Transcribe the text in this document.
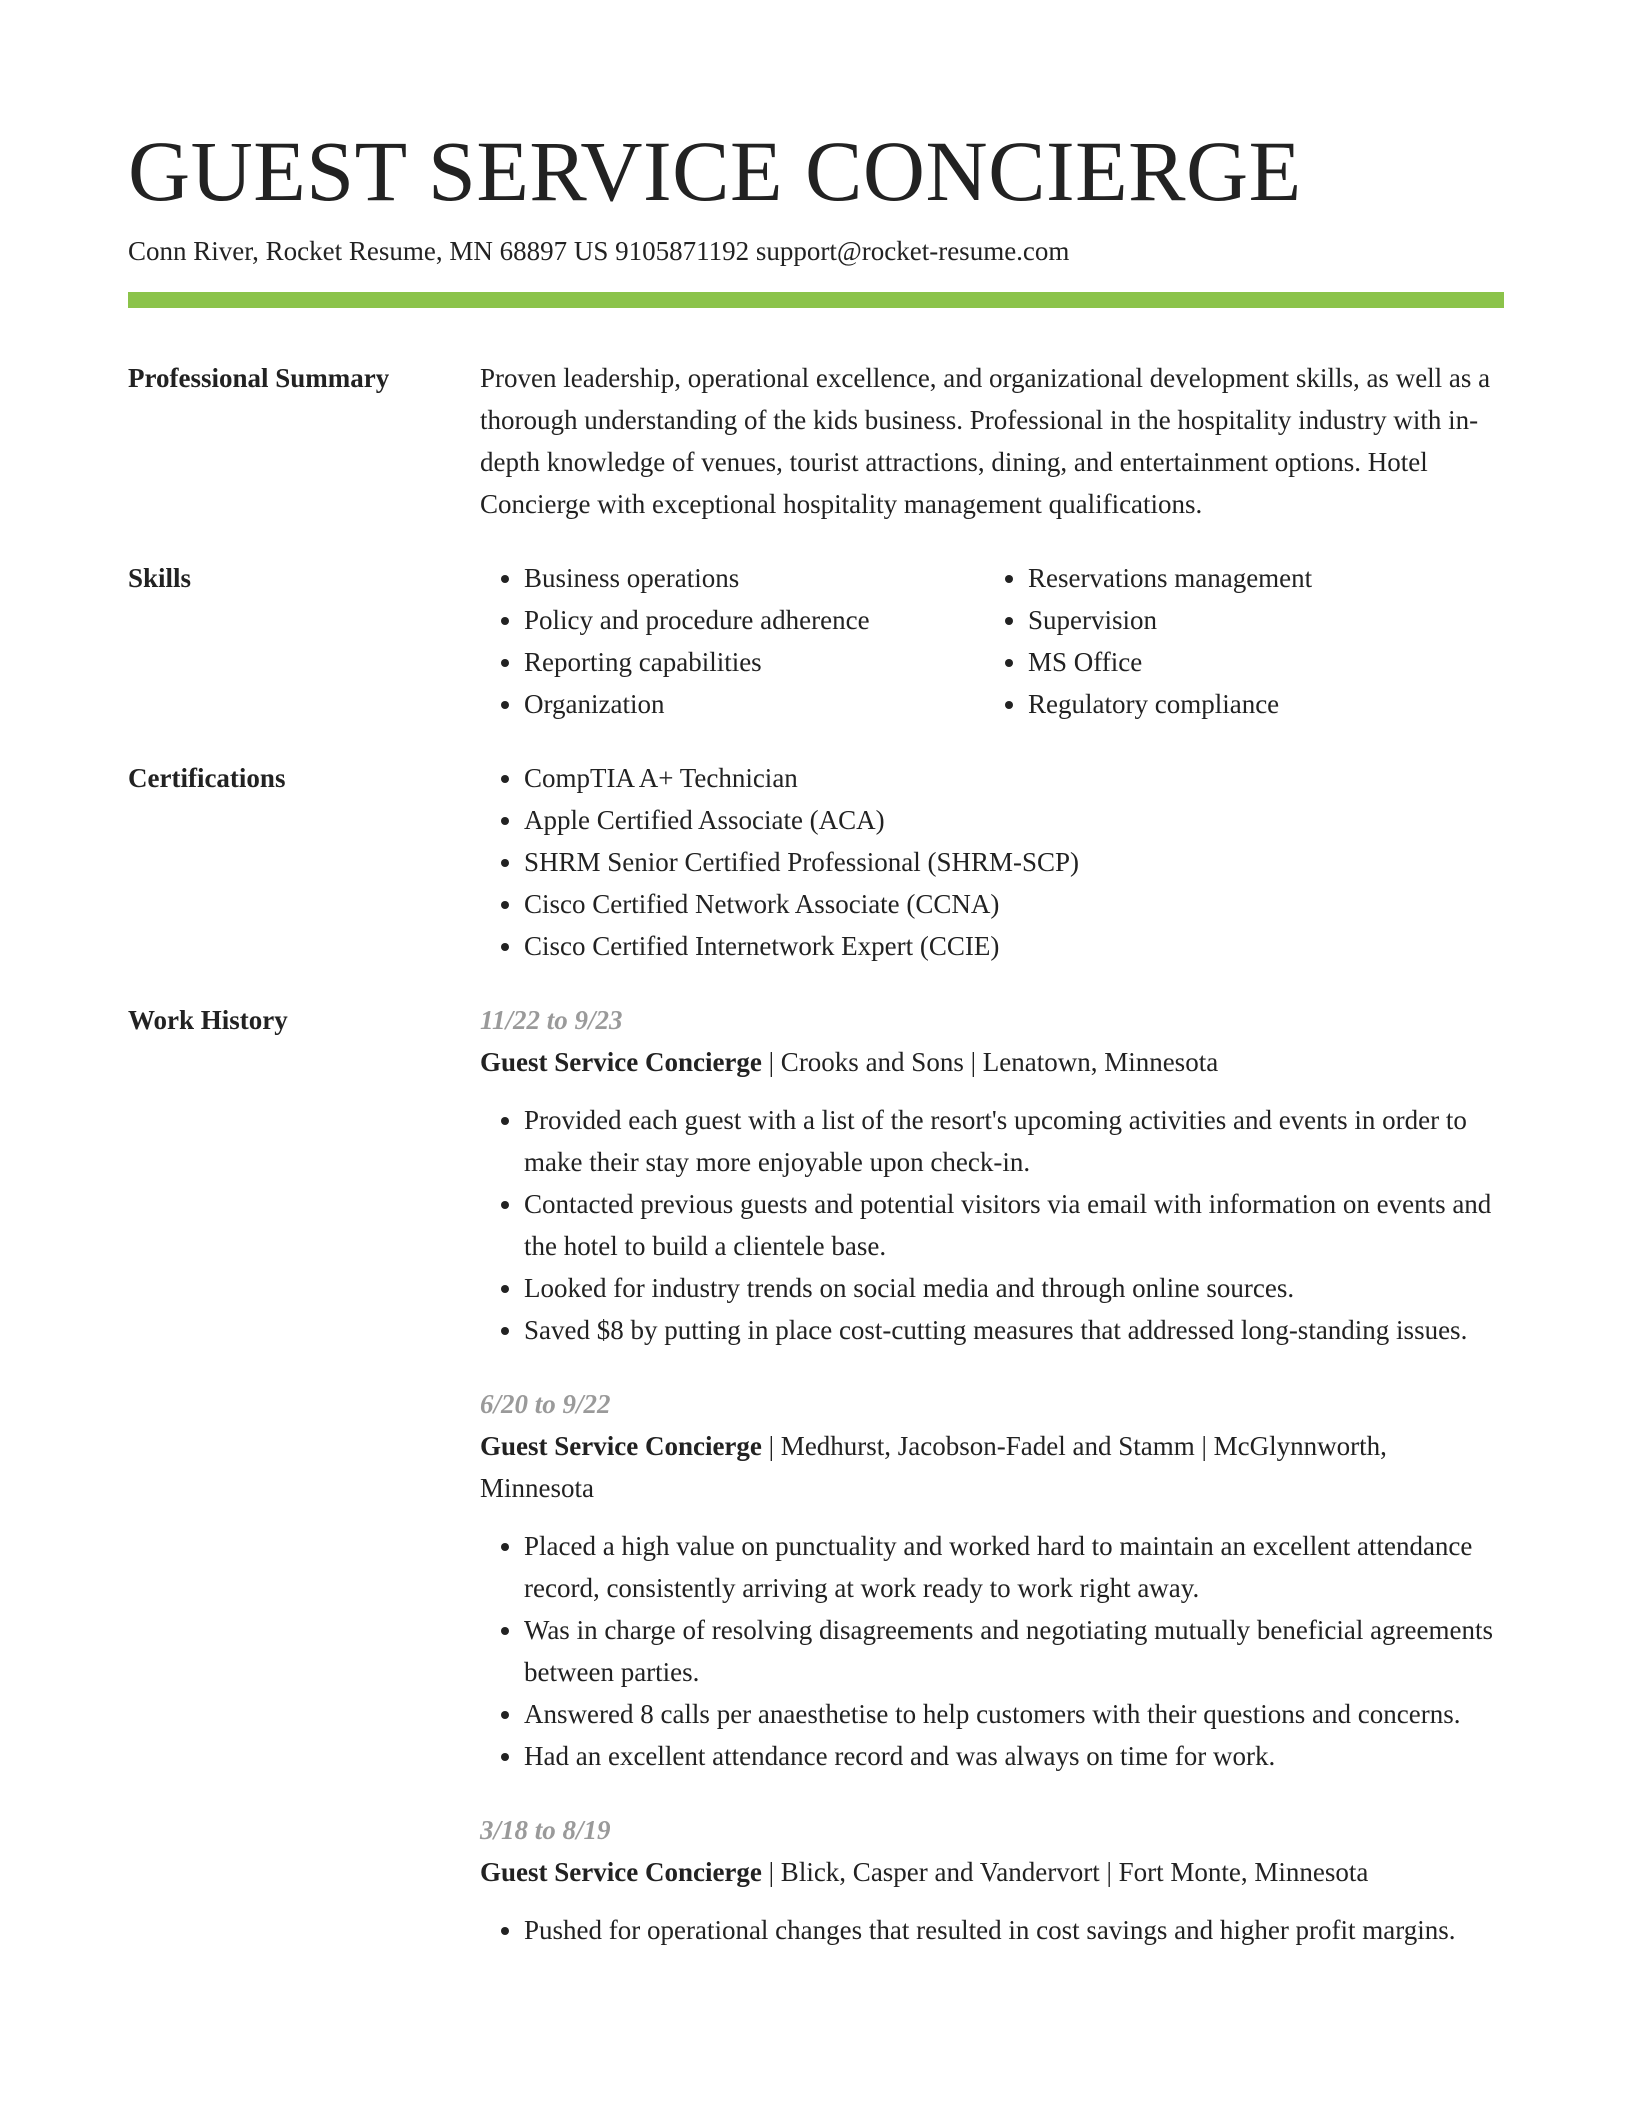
GUEST SERVICE CONCIERGE
Conn River, Rocket Resume, MN 68897 US 9105871192 support@rocket-resume.com
Professional Summary	Proven leadership, operational excellence, and organizational development skills, as well as a thorough understanding of the kids business. Professional in the hospitality industry with in-depth knowledge of venues, tourist attractions, dining, and entertainment options. Hotel Concierge with exceptional hospitality management qualifications.
Skills	• Business operations
• Policy and procedure adherence
• Reporting capabilities
• Organization
• Reservations management
• Supervision
• MS Office
• Regulatory compliance
Certifications	• CompTIA A+ Technician
• Apple Certified Associate (ACA)
• SHRM Senior Certified Professional (SHRM-SCP)
• Cisco Certified Network Associate (CCNA)
• Cisco Certified Internetwork Expert (CCIE)
Work History	11/22 to 9/23
Guest Service Concierge | Crooks and Sons | Lenatown, Minnesota
• Provided each guest with a list of the resort's upcoming activities and events in order to make their stay more enjoyable upon check-in.
• Contacted previous guests and potential visitors via email with information on events and the hotel to build a clientele base.
• Looked for industry trends on social media and through online sources.
• Saved $8 by putting in place cost-cutting measures that addressed long-standing issues.
6/20 to 9/22
Guest Service Concierge | Medhurst, Jacobson-Fadel and Stamm | McGlynnworth, Minnesota
• Placed a high value on punctuality and worked hard to maintain an excellent attendance record, consistently arriving at work ready to work right away.
• Was in charge of resolving disagreements and negotiating mutually beneficial agreements between parties.
• Answered 8 calls per anaesthetise to help customers with their questions and concerns.
• Had an excellent attendance record and was always on time for work.
3/18 to 8/19
Guest Service Concierge | Blick, Casper and Vandervort | Fort Monte, Minnesota
• Pushed for operational changes that resulted in cost savings and higher profit margins.
